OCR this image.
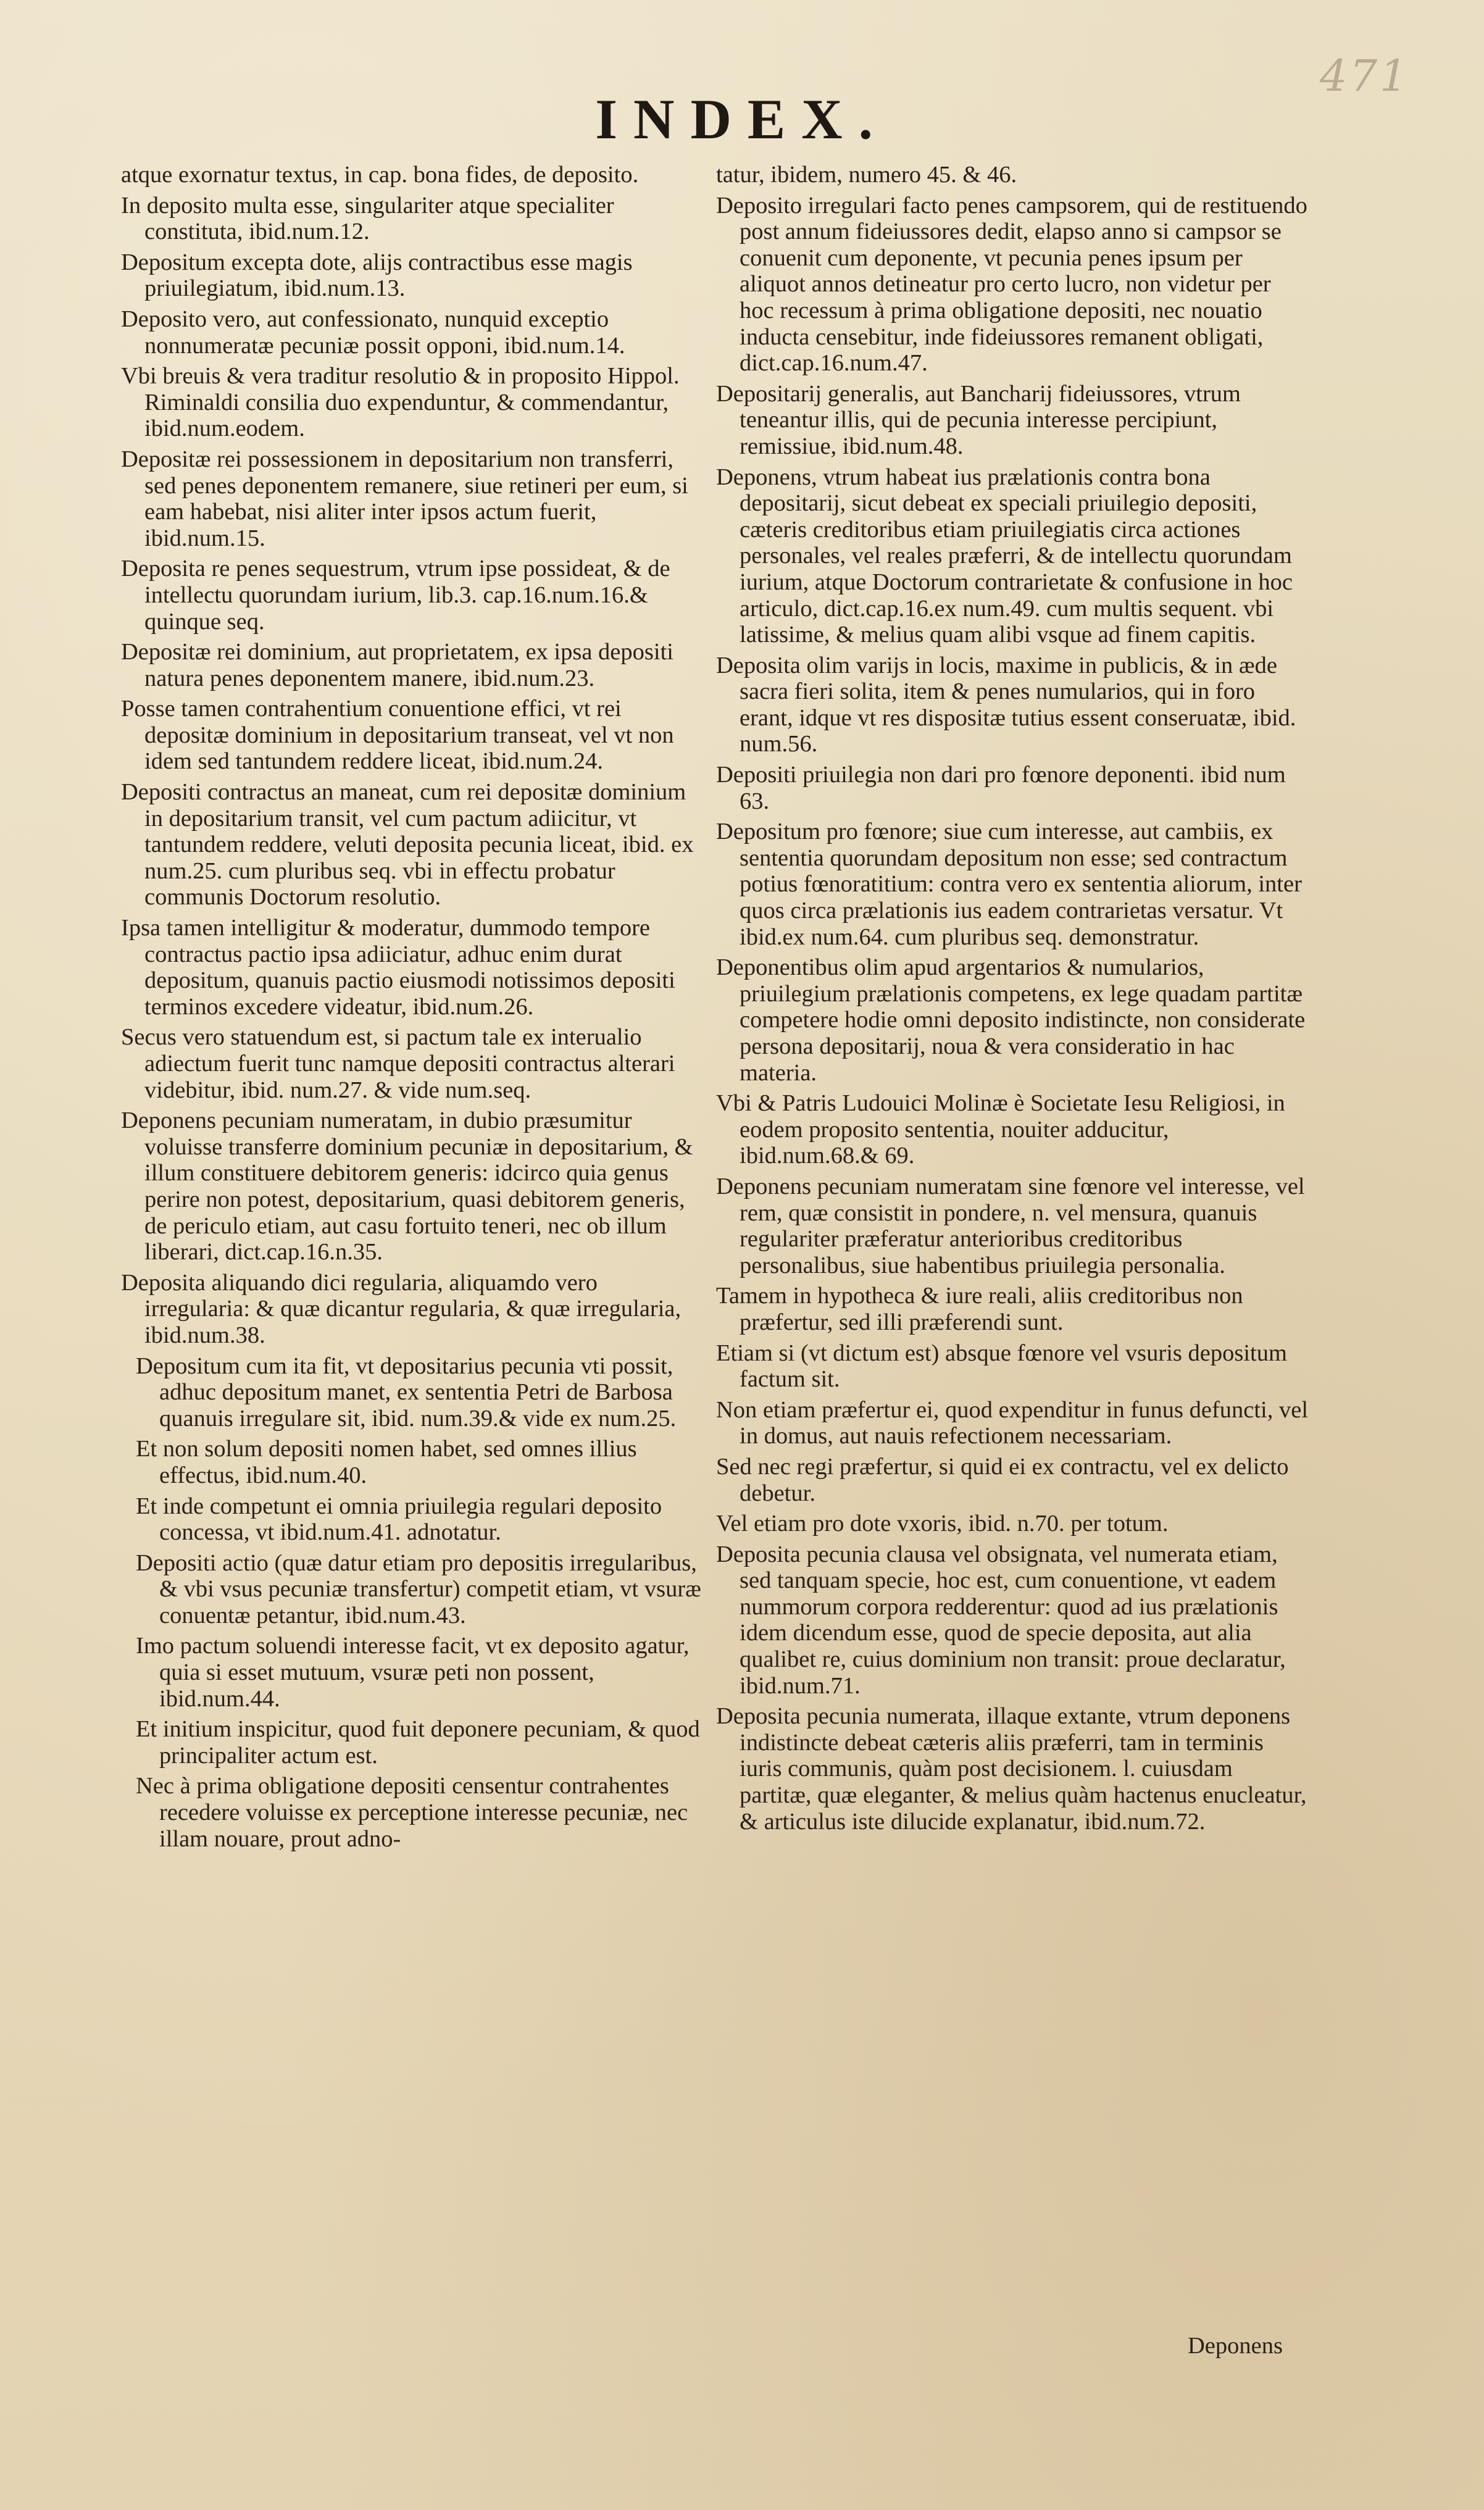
471
INDEX.
atque exornatur textus, in cap. bona fides, de deposito.
In deposito multa esse, singulariter atque specialiter constituta, ibid.num.12.
Depositum excepta dote, alijs contractibus esse magis priuilegiatum, ibid.num.13.
Deposito vero, aut confessionato, nunquid exceptio nonnumeratæ pecuniæ possit opponi, ibid.num.14.
Vbi breuis & vera traditur resolutio & in proposito Hippol. Riminaldi consilia duo expenduntur, & commendantur, ibid.num.eodem.
Depositæ rei possessionem in depositarium non transferri, sed penes deponentem remanere, siue retineri per eum, si eam habebat, nisi aliter inter ipsos actum fuerit, ibid.num.15.
Deposita re penes sequestrum, vtrum ipse possideat, & de intellectu quorundam iurium, lib.3. cap.16.num.16.& quinque seq.
Depositæ rei dominium, aut proprietatem, ex ipsa depositi natura penes deponentem manere, ibid.num.23.
Posse tamen contrahentium conuentione effici, vt rei depositæ dominium in depositarium transeat, vel vt non idem sed tantundem reddere liceat, ibid.num.24.
Depositi contractus an maneat, cum rei depositæ dominium in depositarium transit, vel cum pactum adiicitur, vt tantundem reddere, veluti deposita pecunia liceat, ibid. ex num.25. cum pluribus seq. vbi in effectu probatur communis Doctorum resolutio.
Ipsa tamen intelligitur & moderatur, dummodo tempore contractus pactio ipsa adiiciatur, adhuc enim durat depositum, quanuis pactio eiusmodi notissimos depositi terminos excedere videatur, ibid.num.26.
Secus vero statuendum est, si pactum tale ex interualio adiectum fuerit tunc namque depositi contractus alterari videbitur, ibid. num.27. & vide num.seq.
Deponens pecuniam numeratam, in dubio præsumitur voluisse transferre dominium pecuniæ in depositarium, & illum constituere debitorem generis: idcirco quia genus perire non potest, depositarium, quasi debitorem generis, de periculo etiam, aut casu fortuito teneri, nec ob illum liberari, dict.cap.16.n.35.
Deposita aliquando dici regularia, aliquamdo vero irregularia: & quæ dicantur regularia, & quæ irregularia, ibid.num.38.
Depositum cum ita fit, vt depositarius pecunia vti possit, adhuc depositum manet, ex sententia Petri de Barbosa quanuis irregulare sit, ibid. num.39.& vide ex num.25.
Et non solum depositi nomen habet, sed omnes illius effectus, ibid.num.40.
Et inde competunt ei omnia priuilegia regulari deposito concessa, vt ibid.num.41. adnotatur.
Depositi actio (quæ datur etiam pro depositis irregularibus, & vbi vsus pecuniæ transfertur) competit etiam, vt vsuræ conuentæ petantur, ibid.num.43.
Imo pactum soluendi interesse facit, vt ex deposito agatur, quia si esset mutuum, vsuræ peti non possent, ibid.num.44.
Et initium inspicitur, quod fuit deponere pecuniam, & quod principaliter actum est.
Nec à prima obligatione depositi censentur contrahentes recedere voluisse ex perceptione interesse pecuniæ, nec illam nouare, prout adno-
tatur, ibidem, numero 45. & 46.
Deposito irregulari facto penes campsorem, qui de restituendo post annum fideiussores dedit, elapso anno si campsor se conuenit cum deponente, vt pecunia penes ipsum per aliquot annos detineatur pro certo lucro, non videtur per hoc recessum à prima obligatione depositi, nec nouatio inducta censebitur, inde fideiussores remanent obligati, dict.cap.16.num.47.
Depositarij generalis, aut Bancharij fideiussores, vtrum teneantur illis, qui de pecunia interesse percipiunt, remissiue, ibid.num.48.
Deponens, vtrum habeat ius prælationis contra bona depositarij, sicut debeat ex speciali priuilegio depositi, cæteris creditoribus etiam priuilegiatis circa actiones personales, vel reales præferri, & de intellectu quorundam iurium, atque Doctorum contrarietate & confusione in hoc articulo, dict.cap.16.ex num.49. cum multis sequent. vbi latissime, & melius quam alibi vsque ad finem capitis.
Deposita olim varijs in locis, maxime in publicis, & in æde sacra fieri solita, item & penes numularios, qui in foro erant, idque vt res dispositæ tutius essent conseruatæ, ibid. num.56.
Depositi priuilegia non dari pro fœnore deponenti. ibid num 63.
Depositum pro fœnore; siue cum interesse, aut cambiis, ex sententia quorundam depositum non esse; sed contractum potius fœnoratitium: contra vero ex sententia aliorum, inter quos circa prælationis ius eadem contrarietas versatur. Vt ibid.ex num.64. cum pluribus seq. demonstratur.
Deponentibus olim apud argentarios & numularios, priuilegium prælationis competens, ex lege quadam partitæ competere hodie omni deposito indistincte, non considerate persona depositarij, noua & vera consideratio in hac materia.
Vbi & Patris Ludouici Molinæ è Societate Iesu Religiosi, in eodem proposito sententia, nouiter adducitur, ibid.num.68.& 69.
Deponens pecuniam numeratam sine fœnore vel interesse, vel rem, quæ consistit in pondere, n. vel mensura, quanuis regulariter præferatur anterioribus creditoribus personalibus, siue habentibus priuilegia personalia.
Tamem in hypotheca & iure reali, aliis creditoribus non præfertur, sed illi præferendi sunt.
Etiam si (vt dictum est) absque fœnore vel vsuris depositum factum sit.
Non etiam præfertur ei, quod expenditur in funus defuncti, vel in domus, aut nauis refectionem necessariam.
Sed nec regi præfertur, si quid ei ex contractu, vel ex delicto debetur.
Vel etiam pro dote vxoris, ibid. n.70. per totum.
Deposita pecunia clausa vel obsignata, vel numerata etiam, sed tanquam specie, hoc est, cum conuentione, vt eadem nummorum corpora redderentur: quod ad ius prælationis idem dicendum esse, quod de specie deposita, aut alia qualibet re, cuius dominium non transit: proue declaratur, ibid.num.71.
Deposita pecunia numerata, illaque extante, vtrum deponens indistincte debeat cæteris aliis præferri, tam in terminis iuris communis, quàm post decisionem. l. cuiusdam partitæ, quæ eleganter, & melius quàm hactenus enucleatur, & articulus iste dilucide explanatur, ibid.num.72.
Deponens
